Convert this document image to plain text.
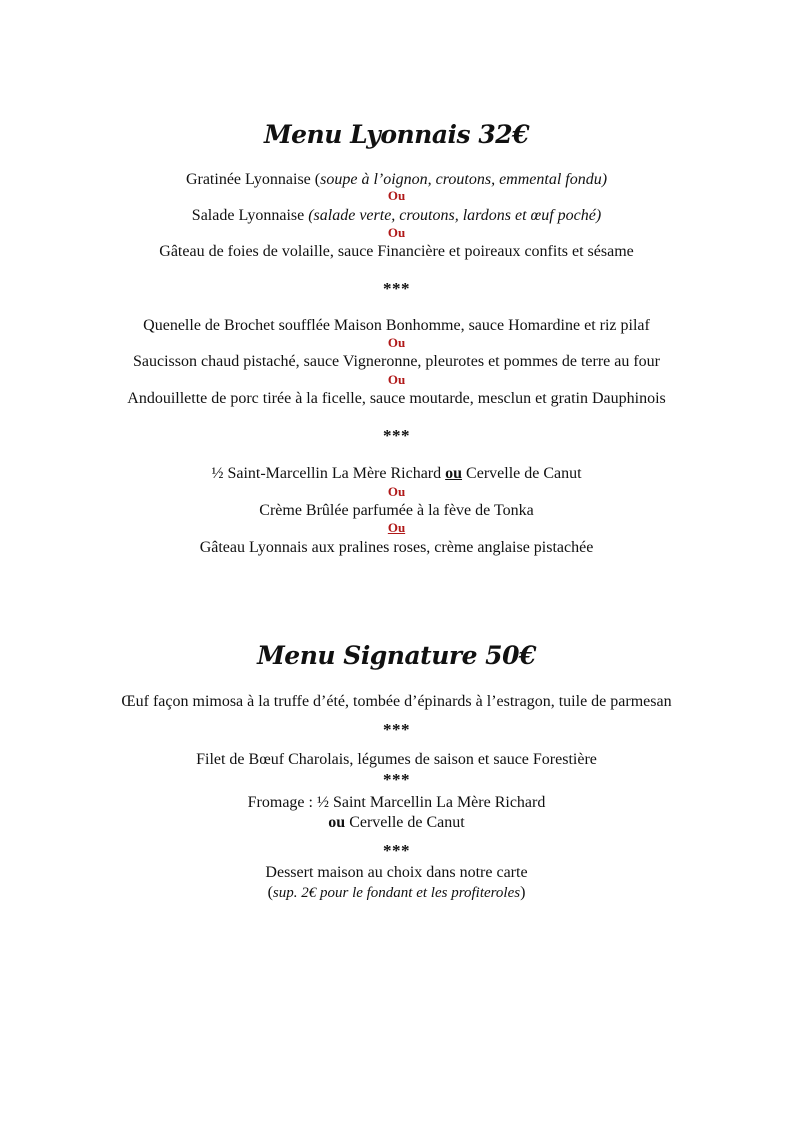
Menu Lyonnais 32€
Gratinée Lyonnaise (soupe à l’oignon, croutons, emmental fondu)
Ou
Salade Lyonnaise (salade verte, croutons, lardons et œuf poché)
Ou
Gâteau de foies de volaille, sauce Financière et poireaux confits et sésame
***
Quenelle de Brochet soufflée Maison Bonhomme, sauce Homardine et riz pilaf
Ou
Saucisson chaud pistaché, sauce Vigneronne, pleurotes et pommes de terre au four
Ou
Andouillette de porc tirée à la ficelle, sauce moutarde, mesclun et gratin Dauphinois
***
½ Saint-Marcellin La Mère Richard ou Cervelle de Canut
Ou
Crème Brûlée parfumée à la fève de Tonka
Ou
Gâteau Lyonnais aux pralines roses, crème anglaise pistachée
Menu Signature 50€
Œuf façon mimosa à la truffe d’été, tombée d’épinards à l’estragon, tuile de parmesan
***
Filet de Bœuf Charolais, légumes de saison et sauce Forestière
***
Fromage : ½ Saint Marcellin La Mère Richard
ou Cervelle de Canut
***
Dessert maison au choix dans notre carte
(sup. 2€ pour le fondant et les profiteroles)
